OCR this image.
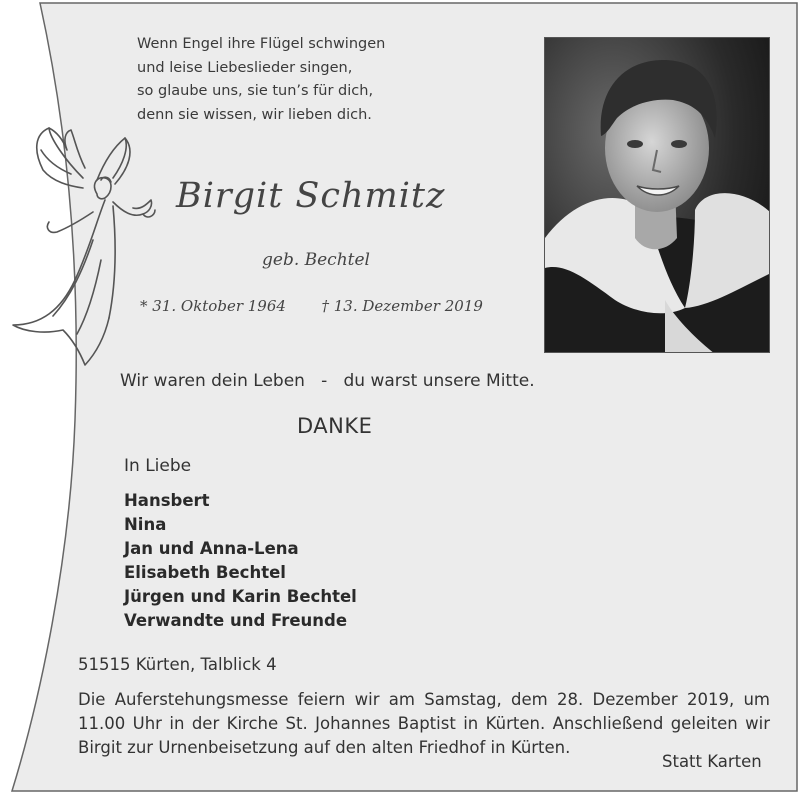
Wenn Engel ihre Flügel schwingen
und leise Liebeslieder singen,
so glaube uns, sie tun’s für dich,
denn sie wissen, wir lieben dich.
Birgit Schmitz
geb. Bechtel
* 31. Oktober 1964 † 13. Dezember 2019
Wir waren dein Leben   -   du warst unsere Mitte.
DANKE
In Liebe
Hansbert
Nina
Jan und Anna-Lena
Elisabeth Bechtel
Jürgen und Karin Bechtel
Verwandte und Freunde
51515 Kürten, Talblick 4
Die Auferstehungsmesse feiern wir am Samstag, dem 28. Dezember 2019, um 11.00 Uhr in der Kirche St. Johannes Baptist in Kürten. Anschließend geleiten wir Birgit zur Urnenbeisetzung auf den alten Friedhof in Kürten.
Statt Karten
